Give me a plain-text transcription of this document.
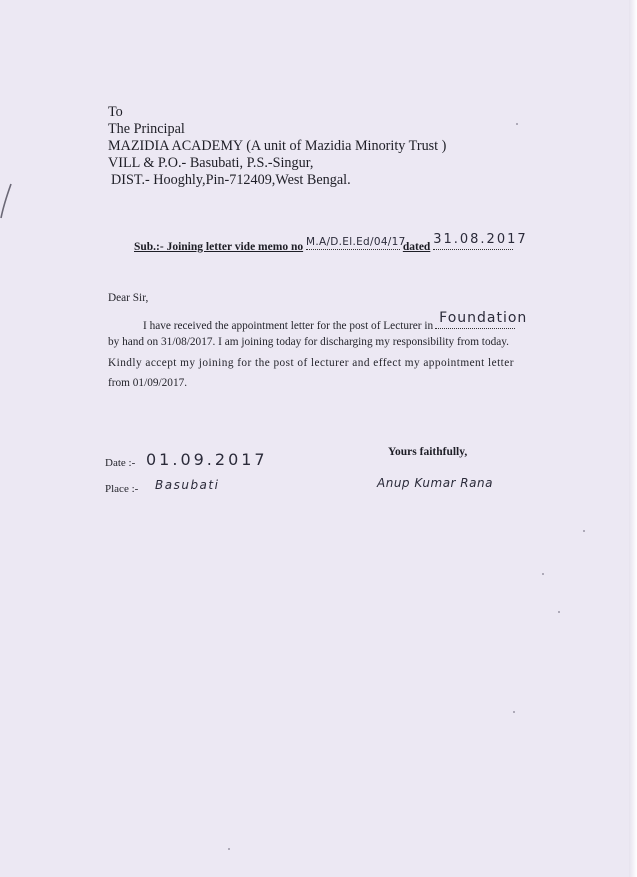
To
The Principal
MAZIDIA ACADEMY (A unit of Mazidia Minority Trust )
VILL & P.O.- Basubati, P.S.-Singur,
DIST.- Hooghly,Pin-712409,West Bengal.
Sub.:- Joining letter vide memo no M.A/D.El.Ed/04/17
dated 31.08.2017
Dear Sir,
I have received the appointment letter for the post of Lecturer in Foundation
by hand on 31/08/2017. I am joining today for discharging my responsibility from today.
Kindly accept my joining for the post of lecturer and effect my appointment letter
from 01/09/2017.
Date :- 01.09.2017
Place :- Basubati
Yours faithfully,
Anup Kumar Rana
